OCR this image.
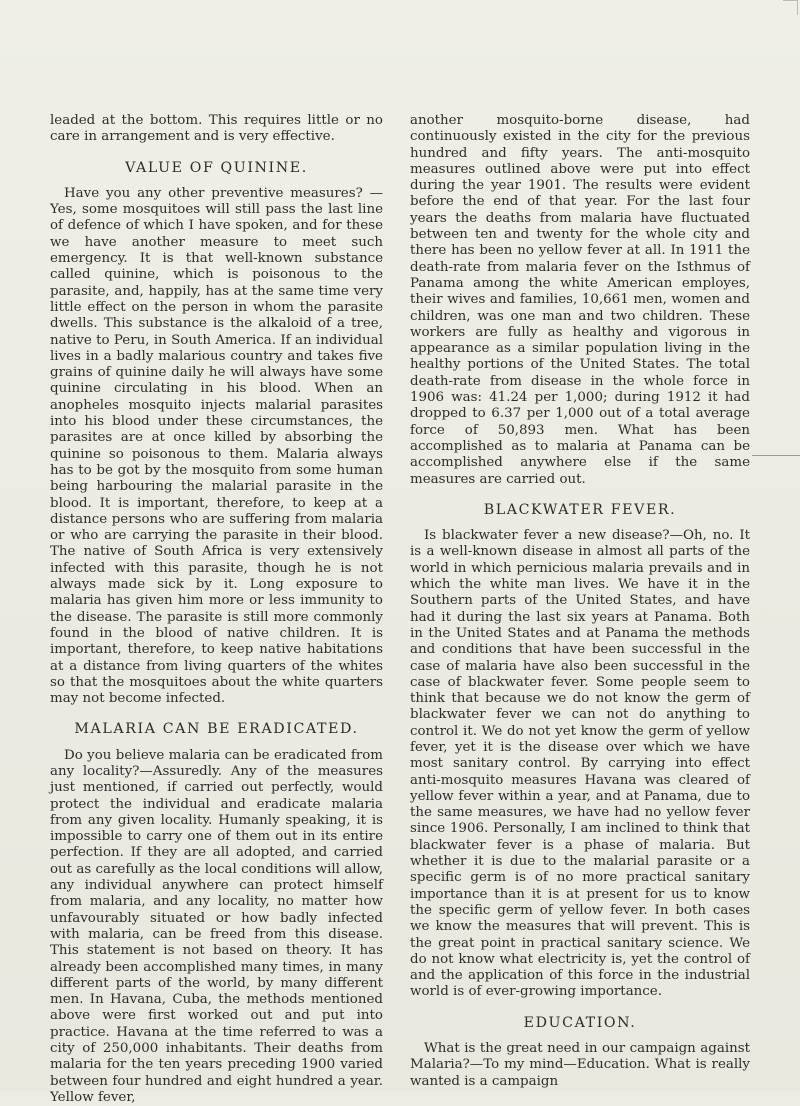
leaded at the bottom. This requires little or no care in arrangement and is very effective.

VALUE OF QUININE.

Have you any other preventive measures? —Yes, some mosquitoes will still pass the last line of defence of which I have spoken, and for these we have another measure to meet such emergency. It is that well-known substance called quinine, which is poisonous to the parasite, and, happily, has at the same time very little effect on the person in whom the parasite dwells. This substance is the alkaloid of a tree, native to Peru, in South America. If an individual lives in a badly malarious country and takes five grains of quinine daily he will always have some quinine circulating in his blood. When an anopheles mosquito injects malarial parasites into his blood under these circumstances, the parasites are at once killed by absorbing the quinine so poisonous to them. Malaria always has to be got by the mosquito from some human being harbouring the malarial parasite in the blood. It is important, therefore, to keep at a distance persons who are suffering from malaria or who are carrying the parasite in their blood. The native of South Africa is very extensively infected with this parasite, though he is not always made sick by it. Long exposure to malaria has given him more or less immunity to the disease. The parasite is still more commonly found in the blood of native children. It is important, therefore, to keep native habitations at a distance from living quarters of the whites so that the mosquitoes about the white quarters may not become infected.

MALARIA CAN BE ERADICATED.

Do you believe malaria can be eradicated from any locality?—Assuredly. Any of the measures just mentioned, if carried out perfectly, would protect the individual and eradicate malaria from any given locality. Humanly speaking, it is impossible to carry one of them out in its entire perfection. If they are all adopted, and carried out as carefully as the local conditions will allow, any individual anywhere can protect himself from malaria, and any locality, no matter how unfavourably situated or how badly infected with malaria, can be freed from this disease. This statement is not based on theory. It has already been accomplished many times, in many different parts of the world, by many different men. In Havana, Cuba, the methods mentioned above were first worked out and put into practice. Havana at the time referred to was a city of 250,000 inhabitants. Their deaths from malaria for the ten years preceding 1900 varied between four hundred and eight hundred a year. Yellow fever,

another mosquito-borne disease, had continuously existed in the city for the previous hundred and fifty years. The anti-mosquito measures outlined above were put into effect during the year 1901. The results were evident before the end of that year. For the last four years the deaths from malaria have fluctuated between ten and twenty for the whole city and there has been no yellow fever at all. In 1911 the death-rate from malaria fever on the Isthmus of Panama among the white American employes, their wives and families, 10,661 men, women and children, was one man and two children. These workers are fully as healthy and vigorous in appearance as a similar population living in the healthy portions of the United States. The total death-rate from disease in the whole force in 1906 was: 41.24 per 1,000; during 1912 it had dropped to 6.37 per 1,000 out of a total average force of 50,893 men. What has been accomplished as to malaria at Panama can be accomplished anywhere else if the same measures are carried out.

BLACKWATER FEVER.

Is blackwater fever a new disease?—Oh, no. It is a well-known disease in almost all parts of the world in which pernicious malaria prevails and in which the white man lives. We have it in the Southern parts of the United States, and have had it during the last six years at Panama. Both in the United States and at Panama the methods and conditions that have been successful in the case of malaria have also been successful in the case of blackwater fever. Some people seem to think that because we do not know the germ of blackwater fever we can not do anything to control it. We do not yet know the germ of yellow fever, yet it is the disease over which we have most sanitary control. By carrying into effect anti-mosquito measures Havana was cleared of yellow fever within a year, and at Panama, due to the same measures, we have had no yellow fever since 1906. Personally, I am inclined to think that blackwater fever is a phase of malaria. But whether it is due to the malarial parasite or a specific germ is of no more practical sanitary importance than it is at present for us to know the specific germ of yellow fever. In both cases we know the measures that will prevent. This is the great point in practical sanitary science. We do not know what electricity is, yet the control of and the application of this force in the industrial world is of ever-growing importance.

EDUCATION.

What is the great need in our campaign against Malaria?—To my mind—Education. What is really wanted is a campaign
